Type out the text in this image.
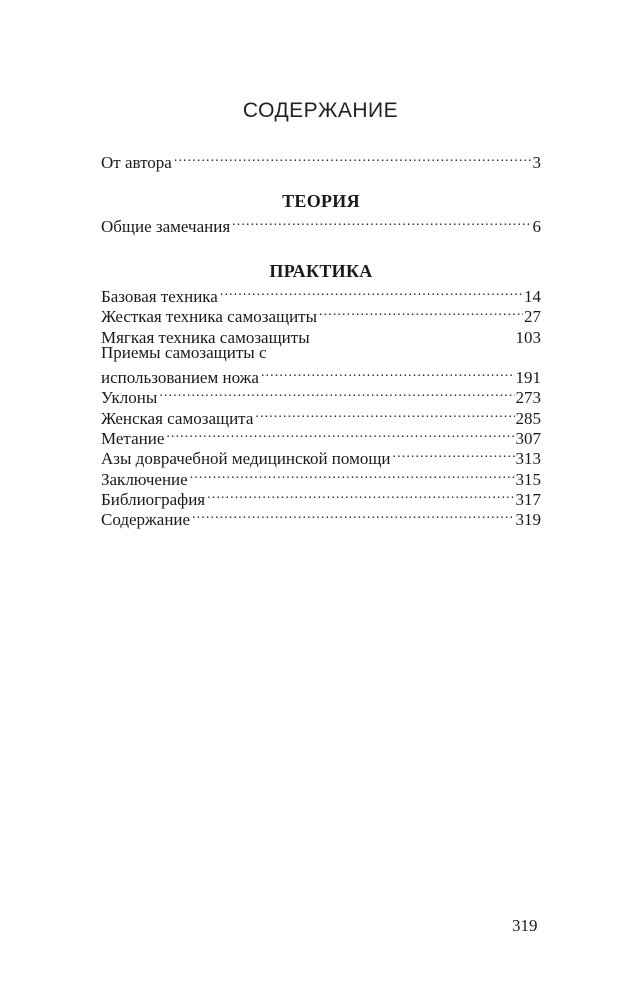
СОДЕРЖАНИЕ
От автора .....	3
ТЕОРИЯ
Общие замечания .....	6
ПРАКТИКА
Базовая техника .....	14
Жесткая техника самозащиты .....	27
Мягкая техника самозащиты	103
Приемы самозащиты с
использованием ножа .....	191
Уклоны .....	273
Женская самозащита .....	285
Метание .....	307
Азы доврачебной медицинской помощи .....	313
Заключение .....	315
Библиография .....	317
Содержание .....	319
319
